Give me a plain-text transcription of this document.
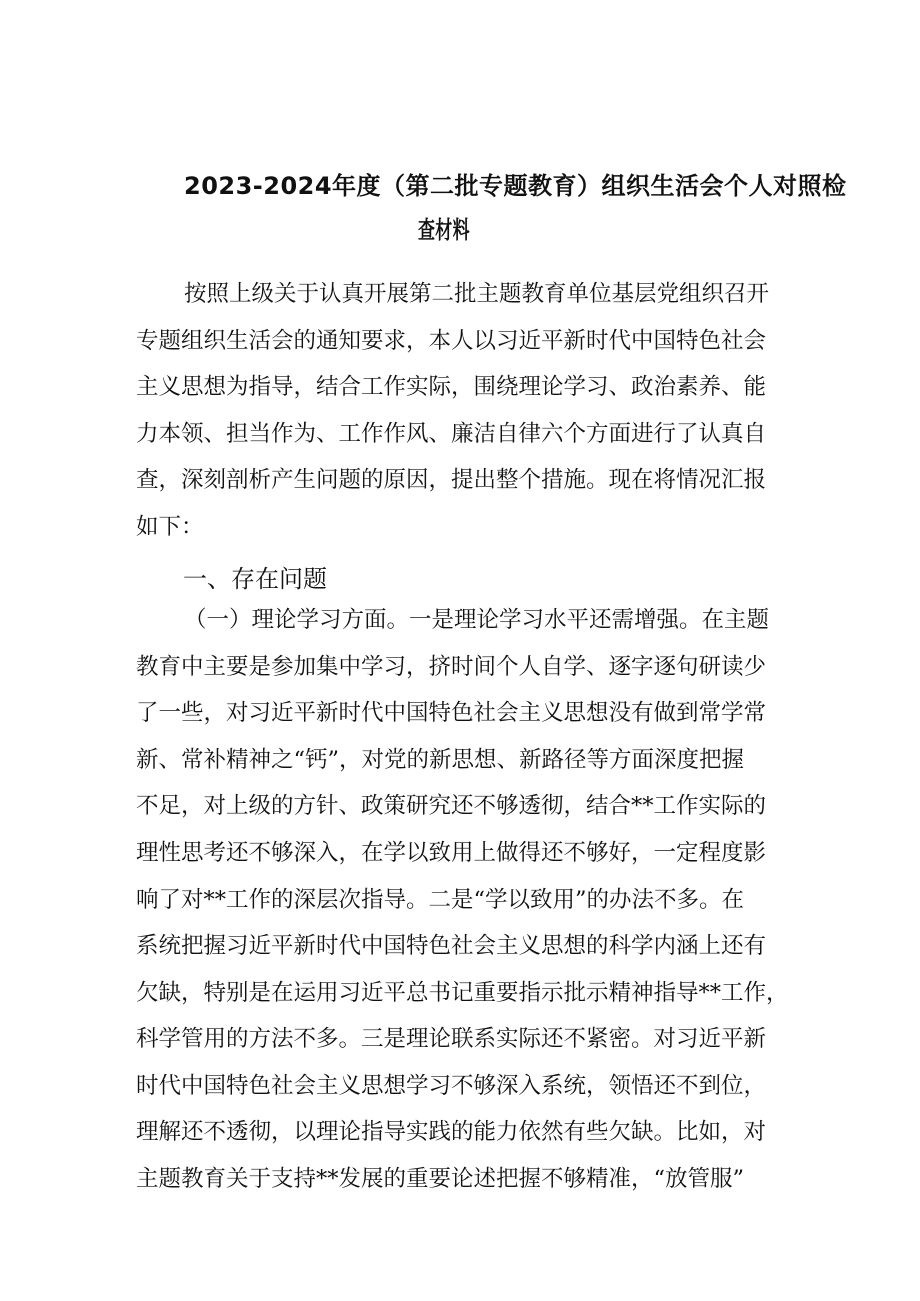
2023-2024年度（第二批专题教育）组织生活会个人对照检
查材料
按照上级关于认真开展第二批主题教育单位基层党组织召开
专题组织生活会的通知要求，本人以习近平新时代中国特色社会
主义思想为指导，结合工作实际，围绕理论学习、政治素养、能
力本领、担当作为、工作作风、廉洁自律六个方面进行了认真自
查，深刻剖析产生问题的原因，提出整个措施。现在将情况汇报
如下：
一、存在问题
（一）理论学习方面。一是理论学习水平还需增强。在主题
教育中主要是参加集中学习，挤时间个人自学、逐字逐句研读少
了一些，对习近平新时代中国特色社会主义思想没有做到常学常
新、常补精神之“钙”，对党的新思想、新路径等方面深度把握
不足，对上级的方针、政策研究还不够透彻，结合**工作实际的
理性思考还不够深入，在学以致用上做得还不够好，一定程度影
响了对**工作的深层次指导。二是“学以致用”的办法不多。在
系统把握习近平新时代中国特色社会主义思想的科学内涵上还有
欠缺，特别是在运用习近平总书记重要指示批示精神指导**工作，
科学管用的方法不多。三是理论联系实际还不紧密。对习近平新
时代中国特色社会主义思想学习不够深入系统，领悟还不到位，
理解还不透彻，以理论指导实践的能力依然有些欠缺。比如，对
主题教育关于支持**发展的重要论述把握不够精准，“放管服”
